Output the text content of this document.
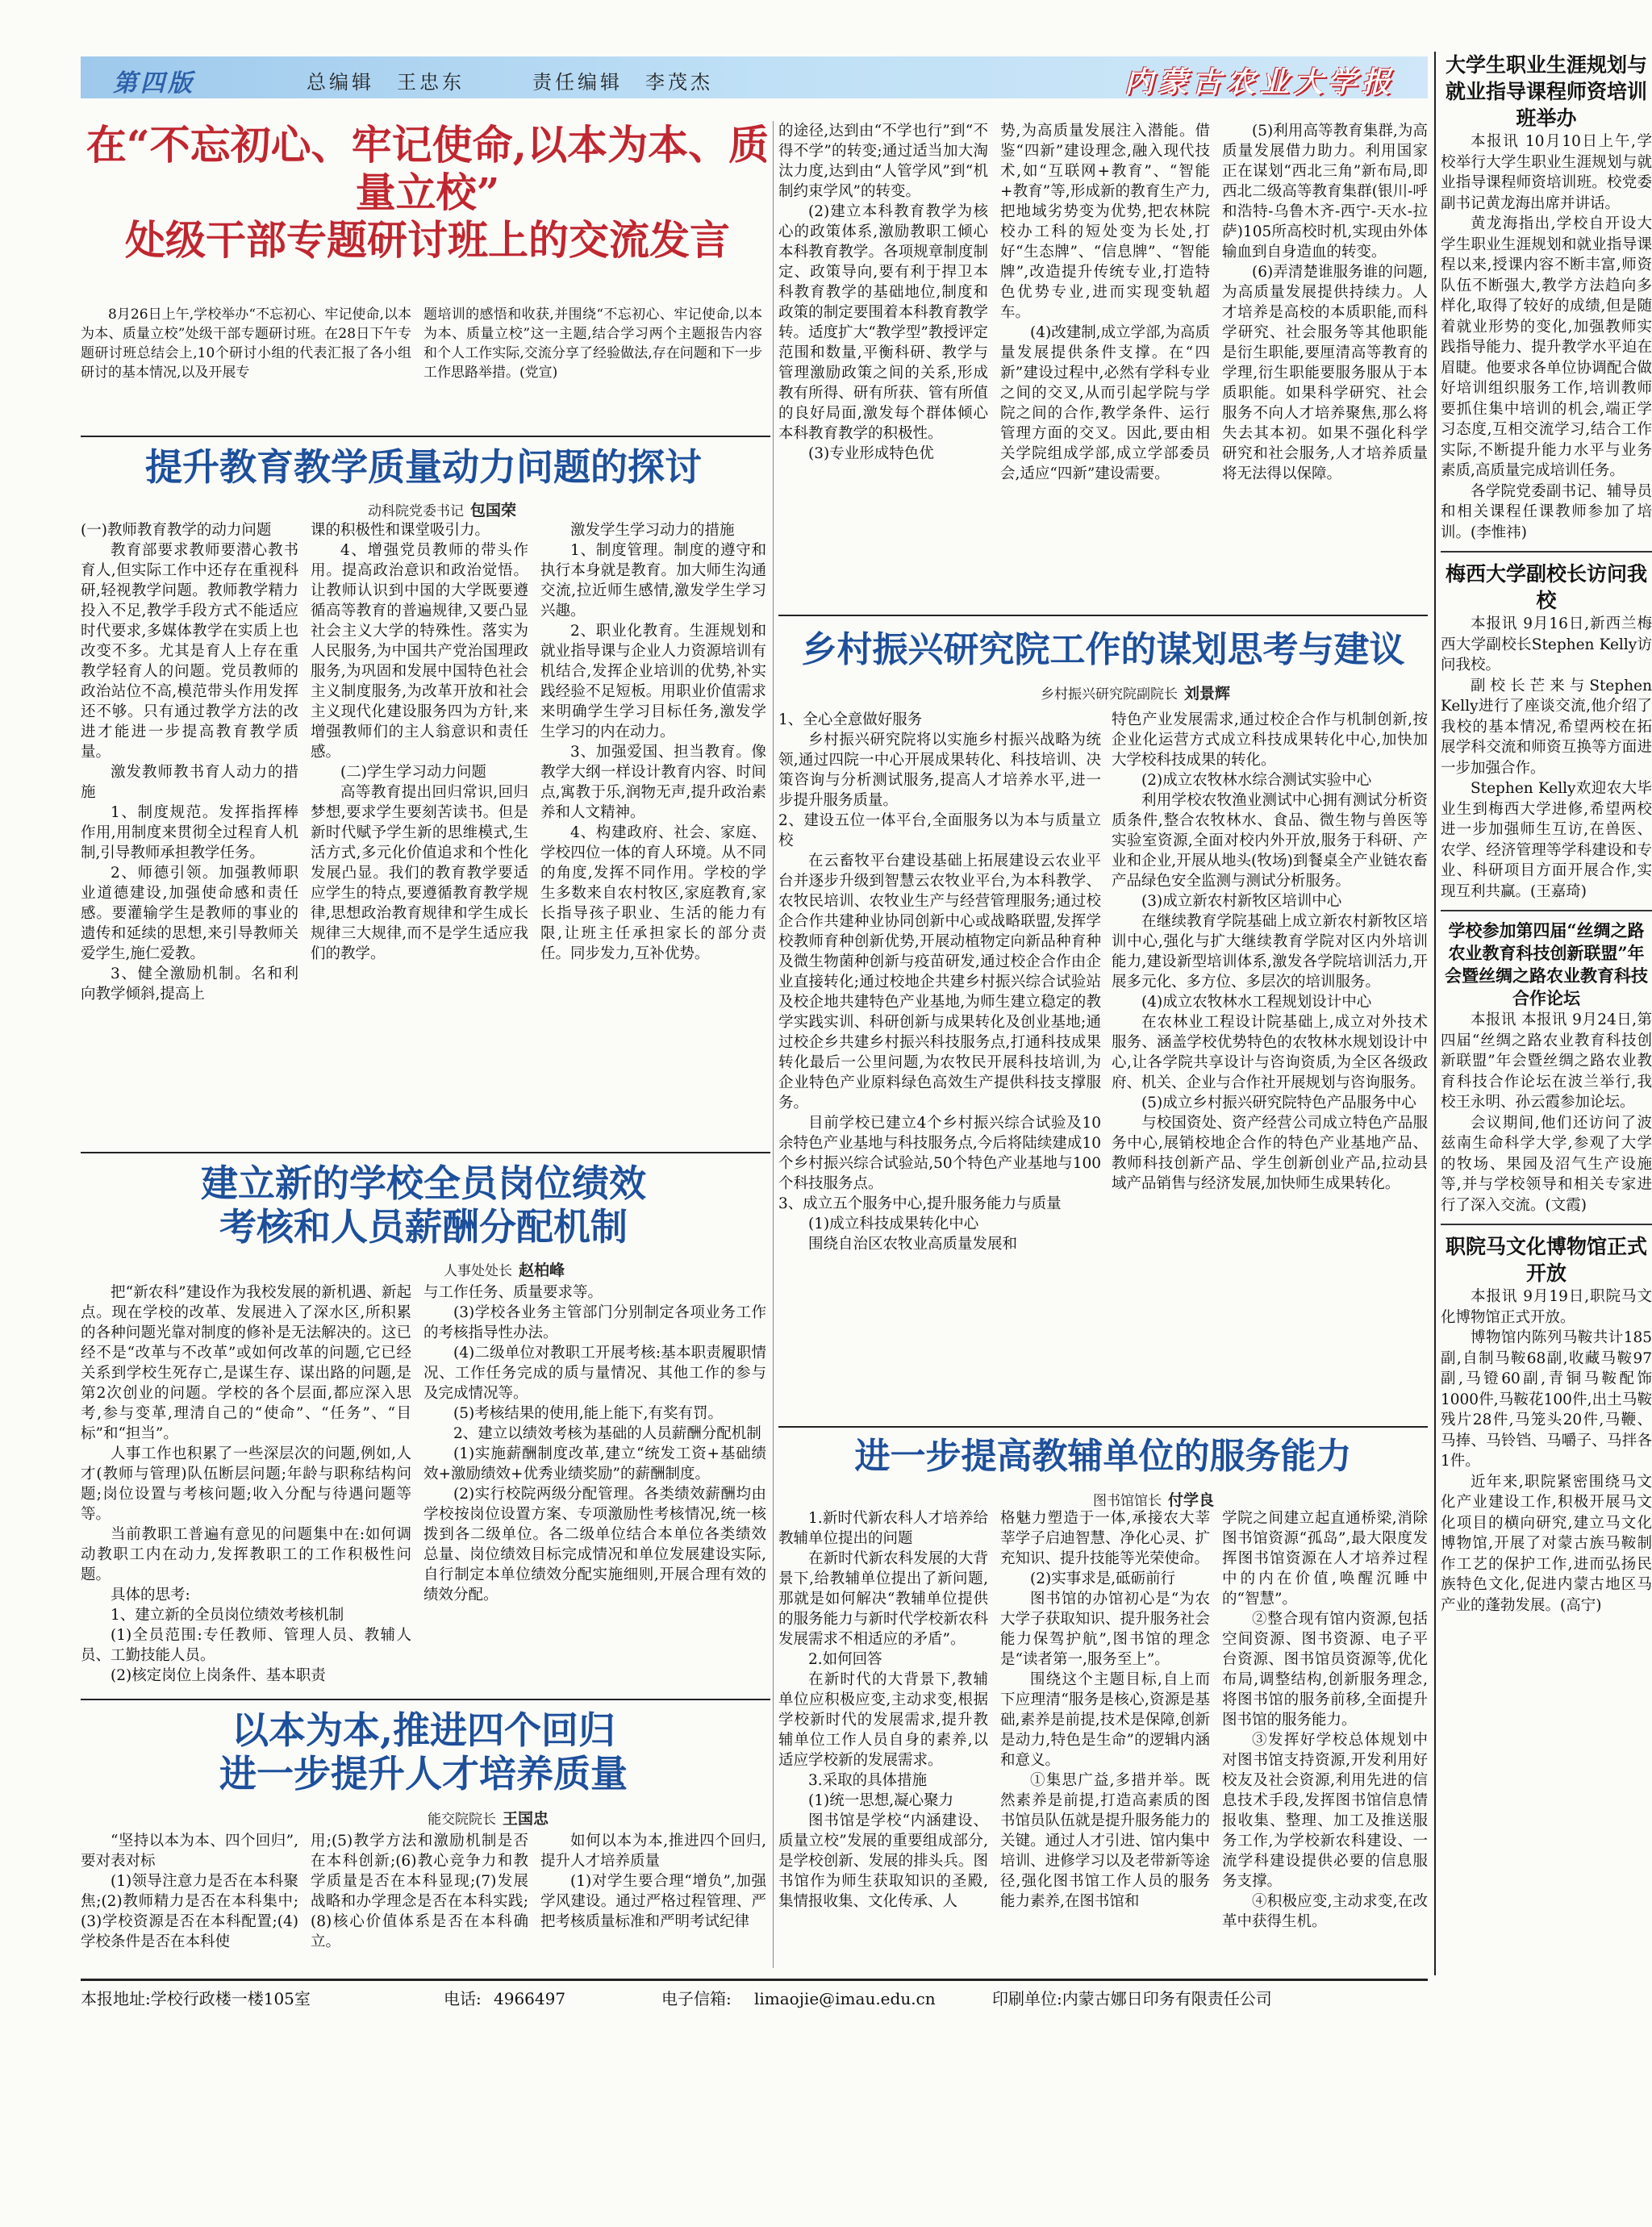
第四版	总编辑　王忠东	责任编辑　李茂杰	内蒙古农业大学报
在“不忘初心、牢记使命,以本为本、质量立校”
处级干部专题研讨班上的交流发言

8月26日上午,学校举办“不忘初心、牢记使命,以本为本、质量立校”处级干部专题研讨班。在28日下午专题研讨班总结会上,10个研讨小组的代表汇报了各小组研讨的基本情况,以及开展专

题培训的感悟和收获,并围绕“不忘初心、牢记使命,以本为本、质量立校”这一主题,结合学习两个主题报告内容和个人工作实际,交流分享了经验做法,存在问题和下一步工作思路举措。(党宣)

提升教育教学质量动力问题的探讨
动科院党委书记 包国荣

(一)教师教育教学的动力问题

教育部要求教师要潜心教书育人,但实际工作中还存在重视科研,轻视教学问题。教师教学精力投入不足,教学手段方式不能适应时代要求,多媒体教学在实质上也改变不多。尤其是育人上存在重教学轻育人的问题。党员教师的政治站位不高,模范带头作用发挥还不够。只有通过教学方法的改进才能进一步提高教育教学质量。

激发教师教书育人动力的措施

1、制度规范。发挥指挥棒作用,用制度来贯彻全过程育人机制,引导教师承担教学任务。

2、师德引领。加强教师职业道德建设,加强使命感和责任感。要灌输学生是教师的事业的遗传和延续的思想,来引导教师关爱学生,施仁爱教。

3、健全激励机制。名和利向教学倾斜,提高上

课的积极性和课堂吸引力。

4、增强党员教师的带头作用。提高政治意识和政治觉悟。让教师认识到中国的大学既要遵循高等教育的普遍规律,又要凸显社会主义大学的特殊性。落实为人民服务,为中国共产党治国理政服务,为巩固和发展中国特色社会主义制度服务,为改革开放和社会主义现代化建设服务四为方针,来增强教师们的主人翁意识和责任感。

(二)学生学习动力问题

高等教育提出回归常识,回归梦想,要求学生要刻苦读书。但是新时代赋予学生新的思维模式,生活方式,多元化价值追求和个性化发展凸显。我们的教育教学要适应学生的特点,要遵循教育教学规律,思想政治教育规律和学生成长规律三大规律,而不是学生适应我们的教学。

激发学生学习动力的措施

1、制度管理。制度的遵守和执行本身就是教育。加大师生沟通交流,拉近师生感情,激发学生学习兴趣。

2、职业化教育。生涯规划和就业指导课与企业人力资源培训有机结合,发挥企业培训的优势,补实践经验不足短板。用职业价值需求来明确学生学习目标任务,激发学生学习的内在动力。

3、加强爱国、担当教育。像教学大纲一样设计教育内容、时间点,寓教于乐,润物无声,提升政治素养和人文精神。

4、构建政府、社会、家庭、学校四位一体的育人环境。从不同的角度,发挥不同作用。学校的学生多数来自农村牧区,家庭教育,家长指导孩子职业、生活的能力有限,让班主任承担家长的部分责任。同步发力,互补优势。

建立新的学校全员岗位绩效
考核和人员薪酬分配机制
人事处处长 赵柏峰

把“新农科”建设作为我校发展的新机遇、新起点。现在学校的改革、发展进入了深水区,所积累的各种问题光靠对制度的修补是无法解决的。这已经不是“改革与不改革”或如何改革的问题,它已经关系到学校生死存亡,是谋生存、谋出路的问题,是第2次创业的问题。学校的各个层面,都应深入思考,参与变革,理清自己的“使命”、“任务”、“目标”和“担当”。

人事工作也积累了一些深层次的问题,例如,人才(教师与管理)队伍断层问题;年龄与职称结构问题;岗位设置与考核问题;收入分配与待遇问题等等。

当前教职工普遍有意见的问题集中在:如何调动教职工内在动力,发挥教职工的工作积极性问题。

具体的思考:

1、建立新的全员岗位绩效考核机制

(1)全员范围:专任教师、管理人员、教辅人员、工勤技能人员。

(2)核定岗位上岗条件、基本职责

与工作任务、质量要求等。

(3)学校各业务主管部门分别制定各项业务工作的考核指导性办法。

(4)二级单位对教职工开展考核:基本职责履职情况、工作任务完成的质与量情况、其他工作的参与及完成情况等。

(5)考核结果的使用,能上能下,有奖有罚。

2、建立以绩效考核为基础的人员薪酬分配机制

(1)实施薪酬制度改革,建立“统发工资+基础绩效+激励绩效+优秀业绩奖励”的薪酬制度。

(2)实行校院两级分配管理。各类绩效薪酬均由学校按岗位设置方案、专项激励性考核情况,统一核拨到各二级单位。各二级单位结合本单位各类绩效总量、岗位绩效目标完成情况和单位发展建设实际,自行制定本单位绩效分配实施细则,开展合理有效的绩效分配。

以本为本,推进四个回归
进一步提升人才培养质量
能交院院长 王国忠

“坚持以本为本、四个回归”,要对表对标

(1)领导注意力是否在本科聚焦;(2)教师精力是否在本科集中;(3)学校资源是否在本科配置;(4)学校条件是否在本科使

用;(5)教学方法和激励机制是否在本科创新;(6)教心竞争力和教学质量是否在本科显现;(7)发展战略和办学理念是否在本科实践;(8)核心价值体系是否在本科确立。

如何以本为本,推进四个回归,提升人才培养质量

(1)对学生要合理“增负”,加强学风建设。通过严格过程管理、严把考核质量标准和严明考试纪律

的途径,达到由“不学也行”到“不得不学”的转变;通过适当加大淘汰力度,达到由“人管学风”到“机制约束学风”的转变。

(2)建立本科教育教学为核心的政策体系,激励教职工倾心本科教育教学。各项规章制度制定、政策导向,要有利于捍卫本科教育教学的基础地位,制度和政策的制定要围着本科教育教学转。适度扩大“教学型”教授评定范围和数量,平衡科研、教学与管理激励政策之间的关系,形成教有所得、研有所获、管有所值的良好局面,激发每个群体倾心本科教育教学的积极性。

(3)专业形成特色优

势,为高质量发展注入潜能。借鉴“四新”建设理念,融入现代技术,如“互联网+教育”、“智能+教育”等,形成新的教育生产力,把地域劣势变为优势,把农林院校办工科的短处变为长处,打好“生态牌”、“信息牌”、“智能牌”,改造提升传统专业,打造特色优势专业,进而实现变轨超车。

(4)改建制,成立学部,为高质量发展提供条件支撑。在“四新”建设过程中,必然有学科专业之间的交叉,从而引起学院与学院之间的合作,教学条件、运行管理方面的交叉。因此,要由相关学院组成学部,成立学部委员会,适应“四新”建设需要。

(5)利用高等教育集群,为高质量发展借力助力。利用国家正在谋划“西北三角”新布局,即西北二级高等教育集群(银川-呼和浩特-乌鲁木齐-西宁-天水-拉萨)105所高校时机,实现由外体输血到自身造血的转变。

(6)弄清楚谁服务谁的问题,为高质量发展提供持续力。人才培养是高校的本质职能,而科学研究、社会服务等其他职能是衍生职能,要厘清高等教育的学理,衍生职能要服务服从于本质职能。如果科学研究、社会服务不向人才培养聚焦,那么将失去其本初。如果不强化科学研究和社会服务,人才培养质量将无法得以保障。

乡村振兴研究院工作的谋划思考与建议
乡村振兴研究院副院长 刘景辉

1、全心全意做好服务

乡村振兴研究院将以实施乡村振兴战略为统领,通过四院一中心开展成果转化、科技培训、决策咨询与分析测试服务,提高人才培养水平,进一步提升服务质量。

2、建设五位一体平台,全面服务以为本与质量立校

在云畜牧平台建设基础上拓展建设云农业平台并逐步升级到智慧云农牧业平台,为本科教学、农牧民培训、农牧业生产与经营管理服务;通过校企合作共建种业协同创新中心或战略联盟,发挥学校教师育种创新优势,开展动植物定向新品种育种及微生物菌种创新与疫苗研发,通过校企合作由企业直接转化;通过校地企共建乡村振兴综合试验站及校企地共建特色产业基地,为师生建立稳定的教学实践实训、科研创新与成果转化及创业基地;通过校企乡共建乡村振兴科技服务点,打通科技成果转化最后一公里问题,为农牧民开展科技培训,为企业特色产业原料绿色高效生产提供科技支撑服务。

目前学校已建立4个乡村振兴综合试验及10余特色产业基地与科技服务点,今后将陆续建成10个乡村振兴综合试验站,50个特色产业基地与100个科技服务点。

3、成立五个服务中心,提升服务能力与质量

(1)成立科技成果转化中心

围绕自治区农牧业高质量发展和

特色产业发展需求,通过校企合作与机制创新,按企业化运营方式成立科技成果转化中心,加快加大学校科技成果的转化。

(2)成立农牧林水综合测试实验中心

利用学校农牧渔业测试中心拥有测试分析资质条件,整合农牧林水、食品、微生物与兽医等实验室资源,全面对校内外开放,服务于科研、产业和企业,开展从地头(牧场)到餐桌全产业链农畜产品绿色安全监测与测试分析服务。

(3)成立新农村新牧区培训中心

在继续教育学院基础上成立新农村新牧区培训中心,强化与扩大继续教育学院对区内外培训能力,建设新型培训体系,激发各学院培训活力,开展多元化、多方位、多层次的培训服务。

(4)成立农牧林水工程规划设计中心

在农林业工程设计院基础上,成立对外技术服务、涵盖学校优势特色的农牧林水规划设计中心,让各学院共享设计与咨询资质,为全区各级政府、机关、企业与合作社开展规划与咨询服务。

(5)成立乡村振兴研究院特色产品服务中心

与校国资处、资产经营公司成立特色产品服务中心,展销校地企合作的特色产业基地产品、教师科技创新产品、学生创新创业产品,拉动县域产品销售与经济发展,加快师生成果转化。

进一步提高教辅单位的服务能力
图书馆馆长 付学良

1.新时代新农科人才培养给教辅单位提出的问题

在新时代新农科发展的大背景下,给教辅单位提出了新问题,那就是如何解决“教辅单位提供的服务能力与新时代学校新农科发展需求不相适应的矛盾”。

2.如何回答

在新时代的大背景下,教辅单位应积极应变,主动求变,根据学校新时代的发展需求,提升教辅单位工作人员自身的素养,以适应学校新的发展需求。

3.采取的具体措施

(1)统一思想,凝心聚力

图书馆是学校“内涵建设、质量立校”发展的重要组成部分,是学校创新、发展的排头兵。图书馆作为师生获取知识的圣殿,集情报收集、文化传承、人

格魅力塑造于一体,承接农大莘莘学子启迪智慧、净化心灵、扩充知识、提升技能等光荣使命。

(2)实事求是,砥砺前行

图书馆的办馆初心是“为农大学子获取知识、提升服务社会能力保驾护航”,图书馆的理念是“读者第一,服务至上”。

围绕这个主题目标,自上而下应理清“服务是核心,资源是基础,素养是前提,技术是保障,创新是动力,特色是生命”的逻辑内涵和意义。

①集思广益,多措并举。既然素养是前提,打造高素质的图书馆员队伍就是提升服务能力的关键。通过人才引进、馆内集中培训、进修学习以及老带新等途径,强化图书馆工作人员的服务能力素养,在图书馆和

学院之间建立起直通桥梁,消除图书馆资源“孤岛”,最大限度发挥图书馆资源在人才培养过程中的内在价值,唤醒沉睡中的“智慧”。

②整合现有馆内资源,包括空间资源、图书资源、电子平台资源、图书馆员资源等,优化布局,调整结构,创新服务理念,将图书馆的服务前移,全面提升图书馆的服务能力。

③发挥好学校总体规划中对图书馆支持资源,开发利用好校友及社会资源,利用先进的信息技术手段,发挥图书馆信息情报收集、整理、加工及推送服务工作,为学校新农科建设、一流学科建设提供必要的信息服务支撑。

④积极应变,主动求变,在改革中获得生机。

大学生职业生涯规划与就业指导课程师资培训班举办

本报讯 10月10日上午,学校举行大学生职业生涯规划与就业指导课程师资培训班。校党委副书记黄龙海出席并讲话。

黄龙海指出,学校自开设大学生职业生涯规划和就业指导课程以来,授课内容不断丰富,师资队伍不断强大,教学方法趋向多样化,取得了较好的成绩,但是随着就业形势的变化,加强教师实践指导能力、提升教学水平迫在眉睫。他要求各单位协调配合做好培训组织服务工作,培训教师要抓住集中培训的机会,端正学习态度,互相交流学习,结合工作实际,不断提升能力水平与业务素质,高质量完成培训任务。

各学院党委副书记、辅导员和相关课程任课教师参加了培训。(李惟祎)

梅西大学副校长访问我校

本报讯 9月16日,新西兰梅西大学副校长Stephen Kelly访问我校。

副校长芒来与Stephen Kelly进行了座谈交流,他介绍了我校的基本情况,希望两校在拓展学科交流和师资互换等方面进一步加强合作。

Stephen Kelly欢迎农大毕业生到梅西大学进修,希望两校进一步加强师生互访,在兽医、农学、经济管理等学科建设和专业、科研项目方面开展合作,实现互利共赢。(王嘉琦)

学校参加第四届“丝绸之路农业教育科技创新联盟”年会暨丝绸之路农业教育科技合作论坛

本报讯 本报讯 9月24日,第四届“丝绸之路农业教育科技创新联盟”年会暨丝绸之路农业教育科技合作论坛在波兰举行,我校王永明、孙云霞参加论坛。

会议期间,他们还访问了波兹南生命科学大学,参观了大学的牧场、果园及沼气生产设施等,并与学校领导和相关专家进行了深入交流。(文霞)

职院马文化博物馆正式开放

本报讯 9月19日,职院马文化博物馆正式开放。

博物馆内陈列马鞍共计185副,自制马鞍68副,收藏马鞍97副,马镫60副,青铜马鞍配饰1000件,马鞍花100件,出土马鞍残片28件,马笼头20件,马鞭、马捧、马铃铛、马嚼子、马拌各1件。

近年来,职院紧密围绕马文化产业建设工作,积极开展马文化项目的横向研究,建立马文化博物馆,开展了对蒙古族马鞍制作工艺的保护工作,进而弘扬民族特色文化,促进内蒙古地区马产业的蓬勃发展。(高宁)

本报地址:学校行政楼一楼105室	电话: 4966497	电子信箱: limaojie@imau.edu.cn	印刷单位:内蒙古娜日印务有限责任公司
